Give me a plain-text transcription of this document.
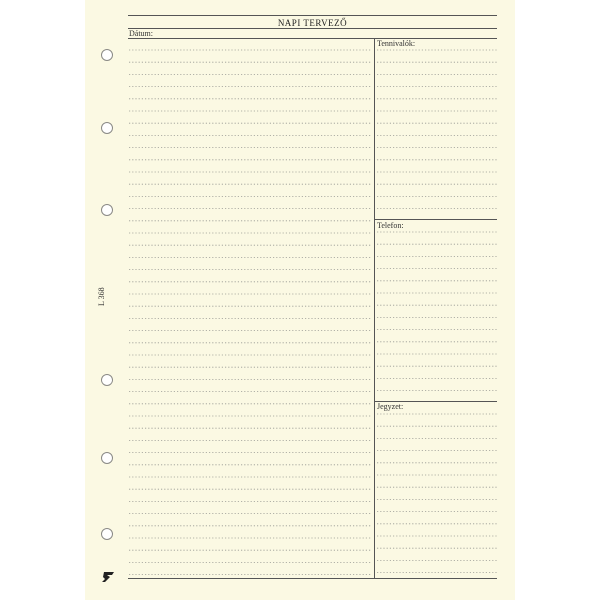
NAPI TERVEZŐ
Dátum:
Tennivalók:
Telefon:
Jegyzet:
L 368
